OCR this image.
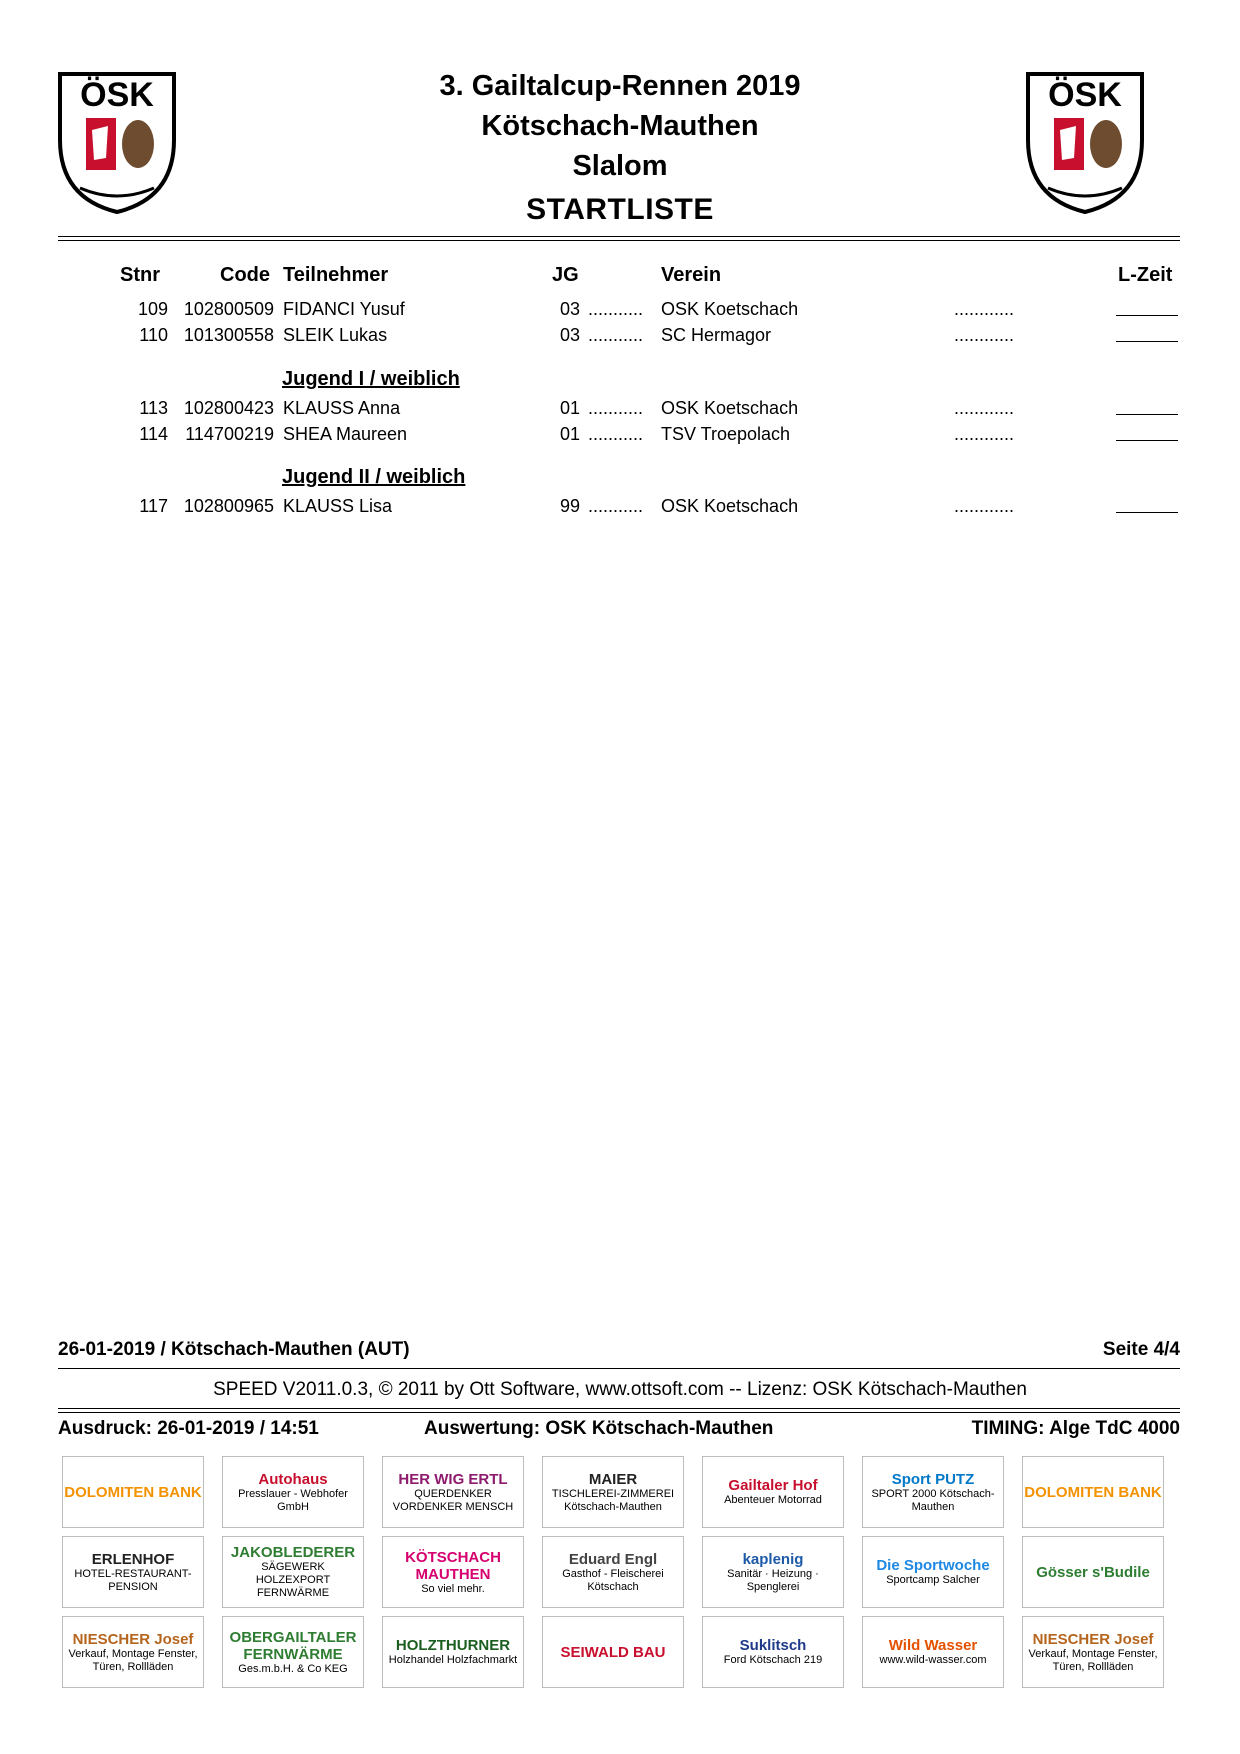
ÖSK	ÖSK
3. Gailtalcup-Rennen 2019
Kötschach-Mauthen
Slalom
STARTLISTE
Stnr	Code Teilnehmer	JG	Verein	L-Zeit
109 102800509 FIDANCI Yusuf	03 ........... OSK Koetschach	............
110 101300558 SLEIK Lukas	03 ........... SC Hermagor	............
Jugend I / weiblich
113 102800423 KLAUSS Anna	01 ........... OSK Koetschach	............
114 114700219 SHEA Maureen	01 ........... TSV Troepolach	............
Jugend II / weiblich
117 102800965 KLAUSS Lisa	99 ........... OSK Koetschach	............
26-01-2019 / Kötschach-Mauthen (AUT)	Seite 4/4
SPEED V2011.0.3, © 2011 by Ott Software, www.ottsoft.com -- Lizenz: OSK Kötschach-Mauthen
Ausdruck: 26-01-2019 / 14:51	Auswertung: OSK Kötschach-Mauthen	TIMING: Alge TdC 4000
DOLOMITEN BANK
Autohaus
Presslauer - Webhofer GmbH
HER WIG ERTL
QUERDENKER VORDENKER MENSCH
MAIER
TISCHLEREI-ZIMMEREI Kötschach-Mauthen
Gailtaler Hof
Abenteuer Motorrad
Sport PUTZ
SPORT 2000 Kötschach-Mauthen
DOLOMITEN BANK
ERLENHOF
HOTEL-RESTAURANT-PENSION
JAKOBLEDERER
SÄGEWERK HOLZEXPORT FERNWÄRME
KÖTSCHACH MAUTHEN
So viel mehr.
Eduard Engl
Gasthof - Fleischerei Kötschach
kaplenig
Sanitär · Heizung · Spenglerei
Die Sportwoche
Sportcamp Salcher	Gösser s'Budile
NIESCHER Josef
Verkauf, Montage Fenster, Türen, Rollläden
OBERGAILTALER FERNWÄRME
Ges.m.b.H. & Co KEG
HOLZTHURNER
Holzhandel Holzfachmarkt	SEIWALD BAU	Suklitsch
Ford Kötschach 219
Wild Wasser
www.wild-wasser.com
NIESCHER Josef
Verkauf, Montage Fenster, Türen, Rollläden
